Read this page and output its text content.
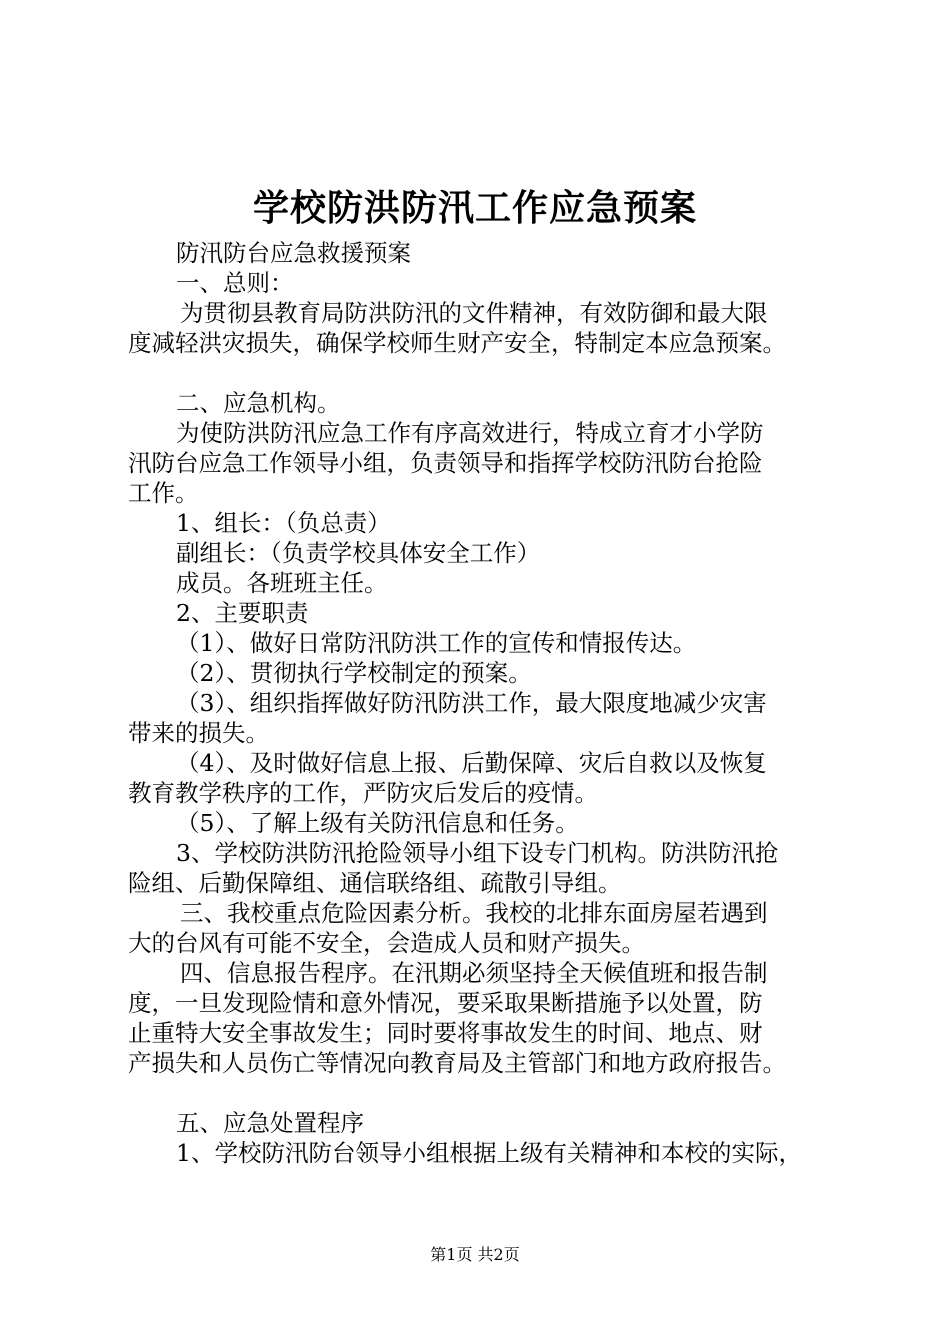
学校防洪防汛工作应急预案
防汛防台应急救援预案
一、总则：
为贯彻县教育局防洪防汛的文件精神，有效防御和最大限
度减轻洪灾损失，确保学校师生财产安全，特制定本应急预案。
二、应急机构。
为使防洪防汛应急工作有序高效进行，特成立育才小学防
汛防台应急工作领导小组，负责领导和指挥学校防汛防台抢险
工作。
1、组长：（负总责）
副组长：（负责学校具体安全工作）
成员。各班班主任。
2、主要职责
（1）、做好日常防汛防洪工作的宣传和情报传达。
（2）、贯彻执行学校制定的预案。
（3）、组织指挥做好防汛防洪工作，最大限度地减少灾害
带来的损失。
（4）、及时做好信息上报、后勤保障、灾后自救以及恢复
教育教学秩序的工作，严防灾后发后的疫情。
（5）、了解上级有关防汛信息和任务。
3、学校防洪防汛抢险领导小组下设专门机构。防洪防汛抢
险组、后勤保障组、通信联络组、疏散引导组。
三、我校重点危险因素分析。我校的北排东面房屋若遇到
大的台风有可能不安全，会造成人员和财产损失。
四、信息报告程序。在汛期必须坚持全天候值班和报告制
度，一旦发现险情和意外情况，要采取果断措施予以处置，防
止重特大安全事故发生；同时要将事故发生的时间、地点、财
产损失和人员伤亡等情况向教育局及主管部门和地方政府报告。
五、应急处置程序
1、学校防汛防台领导小组根据上级有关精神和本校的实际，
第1页 共2页
